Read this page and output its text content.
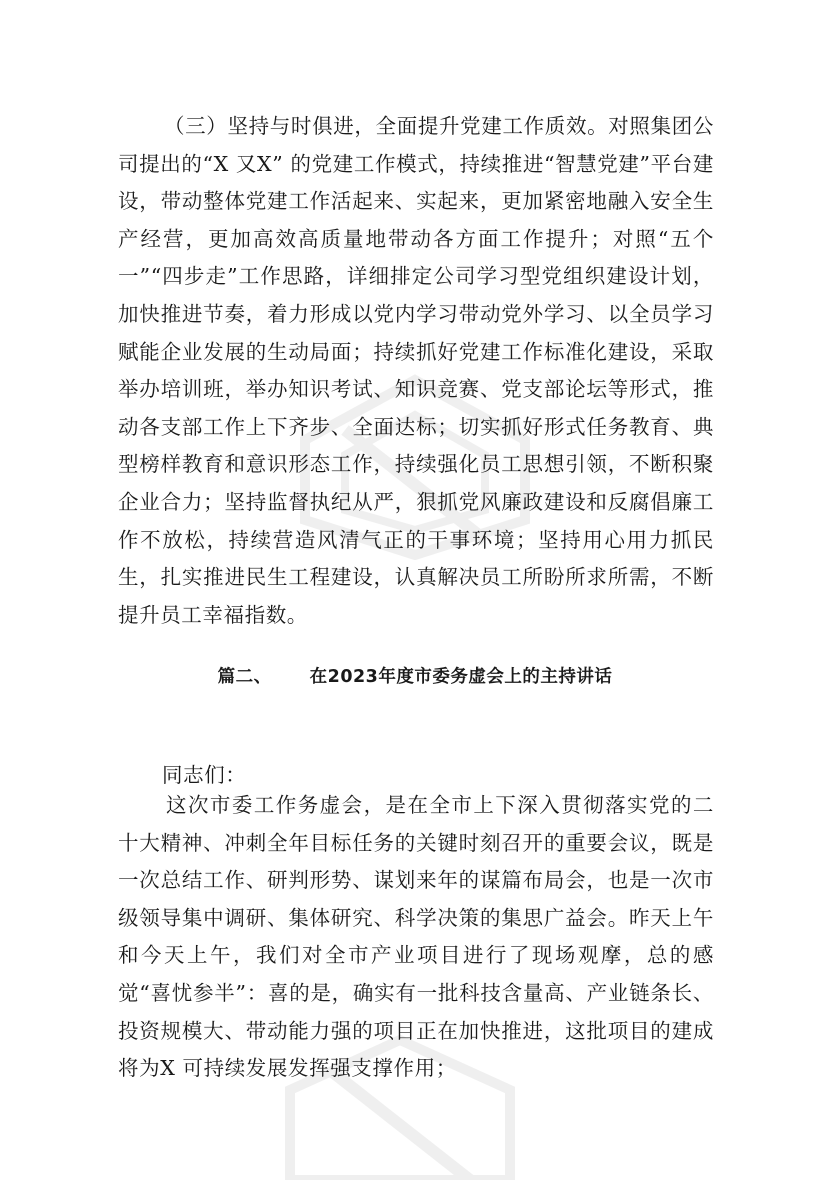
（三）坚持与时俱进，全面提升党建工作质效。对照集团公司提出的“X 又X” 的党建工作模式，持续推进“智慧党建”平台建设，带动整体党建工作活起来、实起来，更加紧密地融入安全生产经营，更加高效高质量地带动各方面工作提升；对照“五个一”“四步走”工作思路，详细排定公司学习型党组织建设计划，加快推进节奏，着力形成以党内学习带动党外学习、以全员学习赋能企业发展的生动局面；持续抓好党建工作标准化建设，采取举办培训班，举办知识考试、知识竞赛、党支部论坛等形式，推动各支部工作上下齐步、全面达标；切实抓好形式任务教育、典型榜样教育和意识形态工作，持续强化员工思想引领，不断积聚企业合力；坚持监督执纪从严，狠抓党风廉政建设和反腐倡廉工作不放松，持续营造风清气正的干事环境；坚持用心用力抓民生，扎实推进民生工程建设，认真解决员工所盼所求所需，不断提升员工幸福指数。

篇二、 在2023年度市委务虚会上的主持讲话
同志们：

这次市委工作务虚会，是在全市上下深入贯彻落实党的二十大精神、冲刺全年目标任务的关键时刻召开的重要会议，既是一次总结工作、研判形势、谋划来年的谋篇布局会，也是一次市级领导集中调研、集体研究、科学决策的集思广益会。昨天上午和今天上午，我们对全市产业项目进行了现场观摩，总的感觉“喜忧参半”：喜的是，确实有一批科技含量高、产业链条长、投资规模大、带动能力强的项目正在加快推进，这批项目的建成将为X 可持续发展发挥强支撑作用；
